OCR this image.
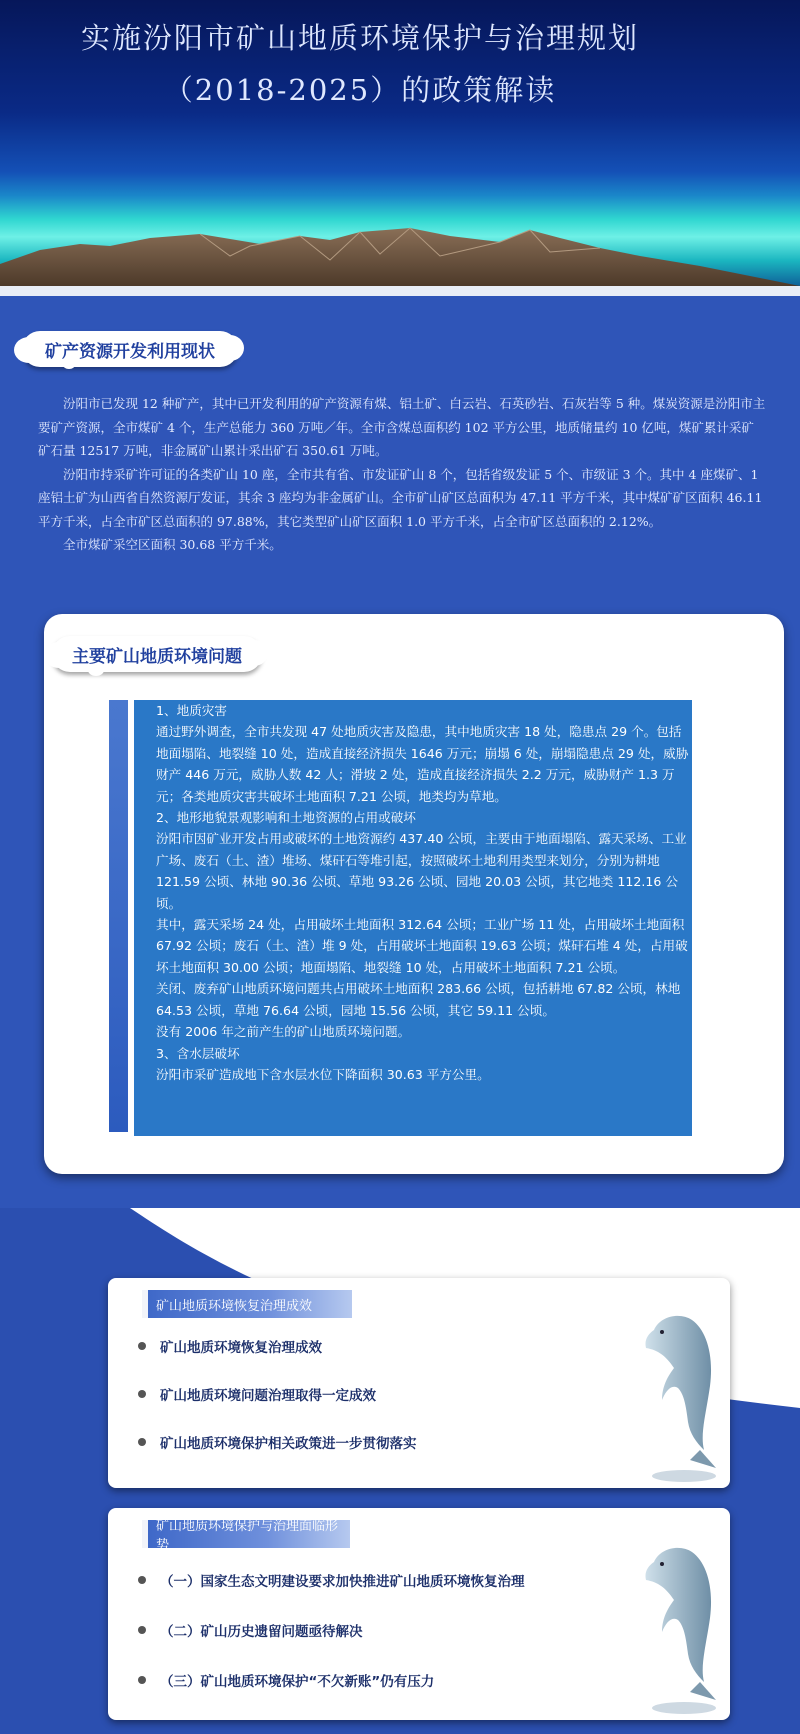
实施汾阳市矿山地质环境保护与治理规划
（2018-2025）的政策解读
矿产资源开发利用现状

汾阳市已发现 12 种矿产，其中已开发利用的矿产资源有煤、铝土矿、白云岩、石英砂岩、石灰岩等 5 种。煤炭资源是汾阳市主要矿产资源，全市煤矿 4 个，生产总能力 360 万吨／年。全市含煤总面积约 102 平方公里，地质储量约 10 亿吨，煤矿累计采矿矿石量 12517 万吨，非金属矿山累计采出矿石 350.61 万吨。

汾阳市持采矿许可证的各类矿山 10 座，全市共有省、市发证矿山 8 个，包括省级发证 5 个、市级证 3 个。其中 4 座煤矿、1 座铝土矿为山西省自然资源厅发证，其余 3 座均为非金属矿山。全市矿山矿区总面积为 47.11 平方千米，其中煤矿矿区面积 46.11 平方千米，占全市矿区总面积的 97.88%，其它类型矿山矿区面积 1.0 平方千米，占全市矿区总面积的 2.12%。

全市煤矿采空区面积 30.68 平方千米。

主要矿山地质环境问题
1、地质灾害
通过野外调查，全市共发现 47 处地质灾害及隐患，其中地质灾害 18 处，隐患点 29 个。包括地面塌陷、地裂缝 10 处，造成直接经济损失 1646 万元；崩塌 6 处，崩塌隐患点 29 处，威胁财产 446 万元，威胁人数 42 人；滑坡 2 处，造成直接经济损失 2.2 万元，威胁财产 1.3 万元；各类地质灾害共破坏土地面积 7.21 公顷，地类均为草地。
2、地形地貌景观影响和土地资源的占用或破坏
汾阳市因矿业开发占用或破坏的土地资源约 437.40 公顷，主要由于地面塌陷、露天采场、工业广场、废石（土、渣）堆场、煤矸石等堆引起，按照破坏土地利用类型来划分，分别为耕地 121.59 公顷、林地 90.36 公顷、草地 93.26 公顷、园地 20.03 公顷，其它地类 112.16 公顷。
其中，露天采场 24 处，占用破坏土地面积 312.64 公顷；工业广场 11 处，占用破坏土地面积 67.92 公顷；废石（土、渣）堆 9 处，占用破坏土地面积 19.63 公顷；煤矸石堆 4 处，占用破坏土地面积 30.00 公顷；地面塌陷、地裂缝 10 处，占用破坏土地面积 7.21 公顷。
关闭、废弃矿山地质环境问题共占用破坏土地面积 283.66 公顷，包括耕地 67.82 公顷，林地 64.53 公顷，草地 76.64 公顷，园地 15.56 公顷，其它 59.11 公顷。
没有 2006 年之前产生的矿山地质环境问题。
3、含水层破坏
汾阳市采矿造成地下含水层水位下降面积 30.63 平方公里。
矿山地质环境恢复治理成效
矿山地质环境恢复治理成效
矿山地质环境问题治理取得一定成效
矿山地质环境保护相关政策进一步贯彻落实
矿山地质环境保护与治理面临形势
（一）国家生态文明建设要求加快推进矿山地质环境恢复治理
（二）矿山历史遗留问题亟待解决
（三）矿山地质环境保护“不欠新账”仍有压力
